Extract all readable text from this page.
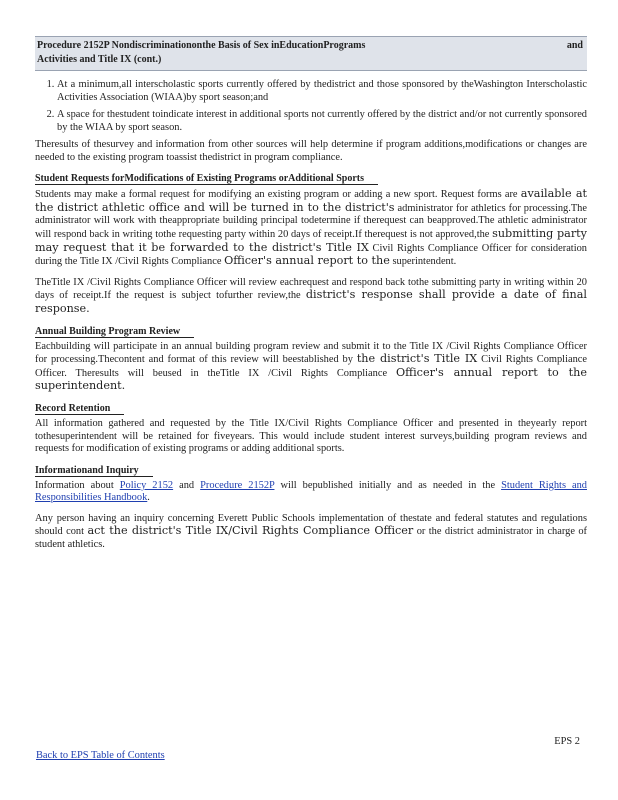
Procedure 2152P Nondiscriminationonthe Basis of Sex inEducationPrograms	and
Activities and Title IX (cont.)
1. At a minimum,all interscholastic sports currently offered by thedistrict and those sponsored by theWashington Interscholastic Activities Association (WIAA)by sport season;and
2. A space for thestudent toindicate interest in additional sports not currently offered by the district and/or not currently sponsored by the WIAA by sport season.

Theresults of thesurvey and information from other sources will help determine if program additions,modifications or changes are needed to the existing program toassist thedistrict in program compliance.

Student Requests forModifications of Existing Programs orAdditional Sports

Students may make a formal request for modifying an existing program or adding a new sport. Request forms are available at the district athletic office and will be turned in to the district's administrator for athletics for processing.The administrator will work with theappropriate building principal todetermine if therequest can beapproved.The athletic administrator will respond back in writing tothe requesting party within 20 days of receipt.If therequest is not approved,the submitting party may request that it be forwarded to the district's Title IX Civil Rights Compliance Officer for consideration during the Title IX /Civil Rights Compliance Officer's annual report to the superintendent.

TheTitle IX /Civil Rights Compliance Officer will review eachrequest and respond back tothe submitting party in writing within 20 days of receipt.If the request is subject tofurther review,the district's response shall provide a date of final response.

Annual Building Program Review

Eachbuilding will participate in an annual building program review and submit it to the Title IX /Civil Rights Compliance Officer for processing.Thecontent and format of this review will beestablished by the district's Title IX Civil Rights Compliance Officer. Theresults will beused in theTitle IX /Civil Rights Compliance Officer's annual report to the superintendent.

Record Retention

All information gathered and requested by the Title IX/Civil Rights Compliance Officer and presented in theyearly report tothesuperintendent will be retained for fiveyears. This would include student interest surveys,building program reviews and requests for modification of existing programs or adding additional sports.

Informationand Inquiry

Information about Policy 2152 and Procedure 2152P will bepublished initially and as needed in the Student Rights and Responsibilities Handbook.

Any person having an inquiry concerning Everett Public Schools implementation of thestate and federal statutes and regulations should cont act the district's Title IX/Civil Rights Compliance Officer or the district administrator in charge of student athletics.

EPS 2
Back to EPS Table of Contents
